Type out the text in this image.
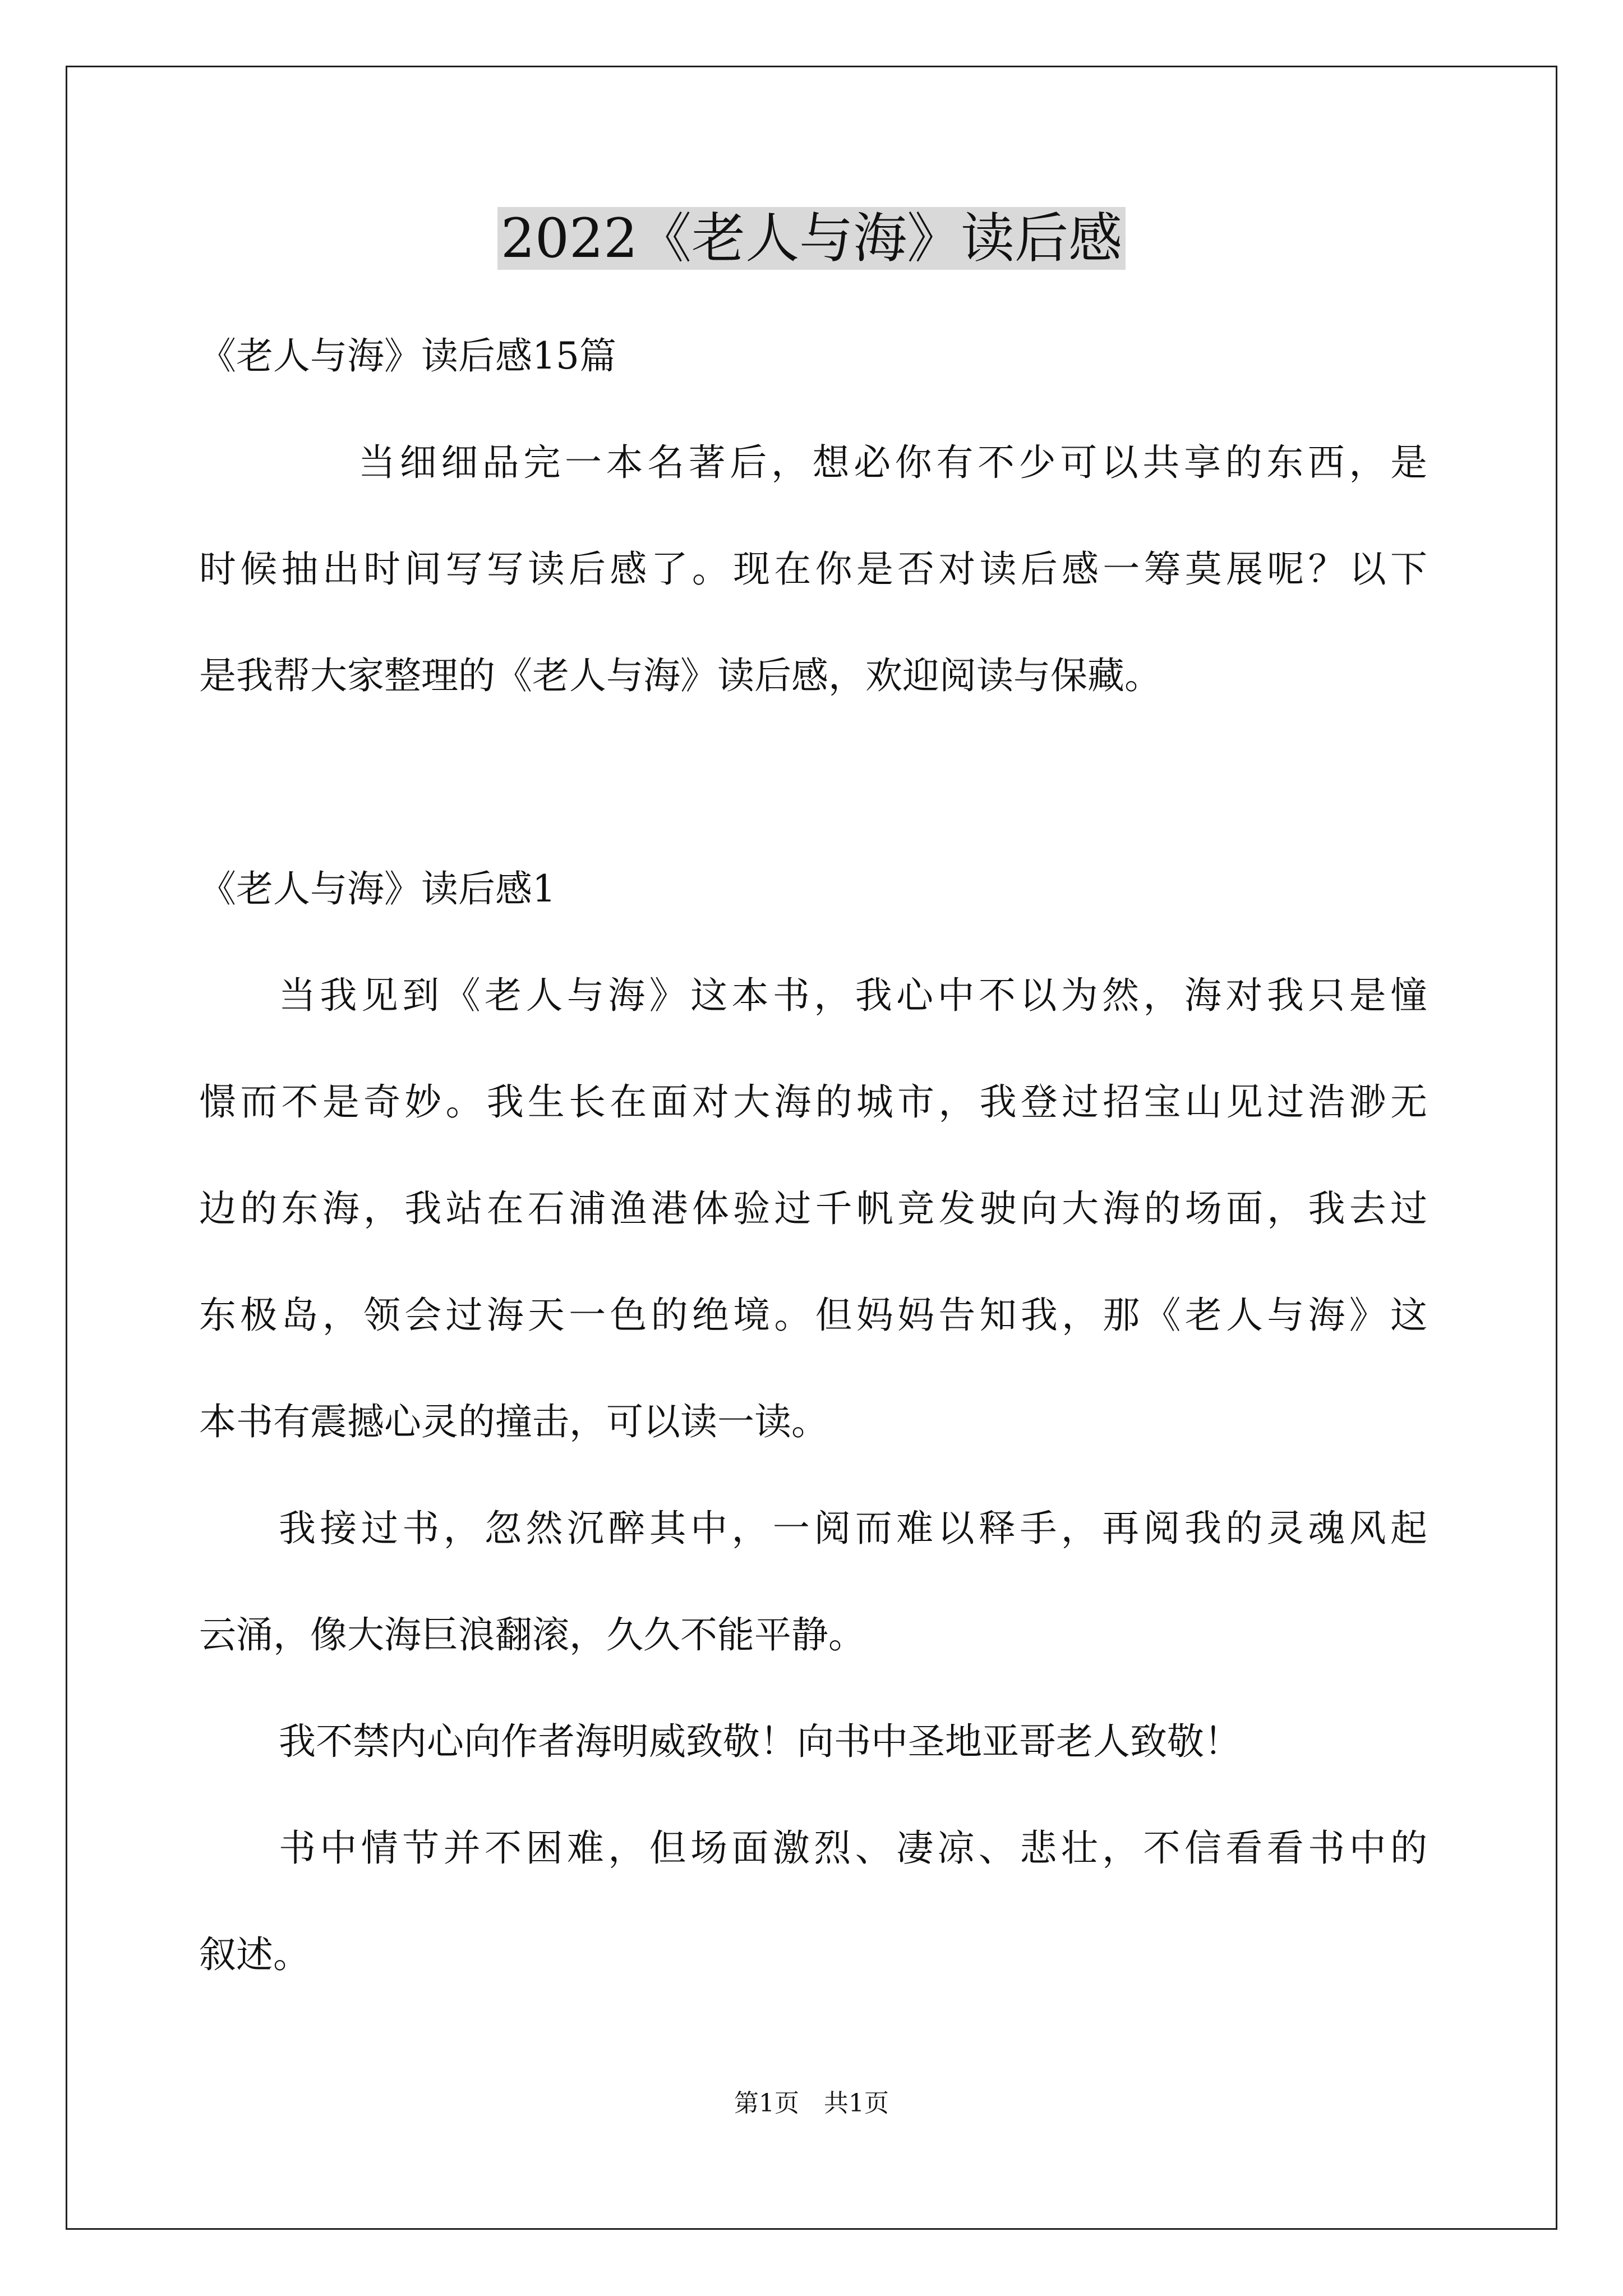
2022《老人与海》读后感
《老人与海》读后感15篇
当细细品完一本名著后，想必你有不少可以共享的东西，是
时候抽出时间写写读后感了。现在你是否对读后感一筹莫展呢？以下
是我帮大家整理的《老人与海》读后感，欢迎阅读与保藏。
《老人与海》读后感1
当我见到《老人与海》这本书，我心中不以为然，海对我只是憧
憬而不是奇妙。我生长在面对大海的城市，我登过招宝山见过浩渺无
边的东海，我站在石浦渔港体验过千帆竞发驶向大海的场面，我去过
东极岛，领会过海天一色的绝境。但妈妈告知我，那《老人与海》这
本书有震撼心灵的撞击，可以读一读。
我接过书，忽然沉醉其中，一阅而难以释手，再阅我的灵魂风起
云涌，像大海巨浪翻滚，久久不能平静。
我不禁内心向作者海明威致敬！向书中圣地亚哥老人致敬！
书中情节并不困难，但场面激烈、凄凉、悲壮，不信看看书中的
叙述。
第1页　共1页
